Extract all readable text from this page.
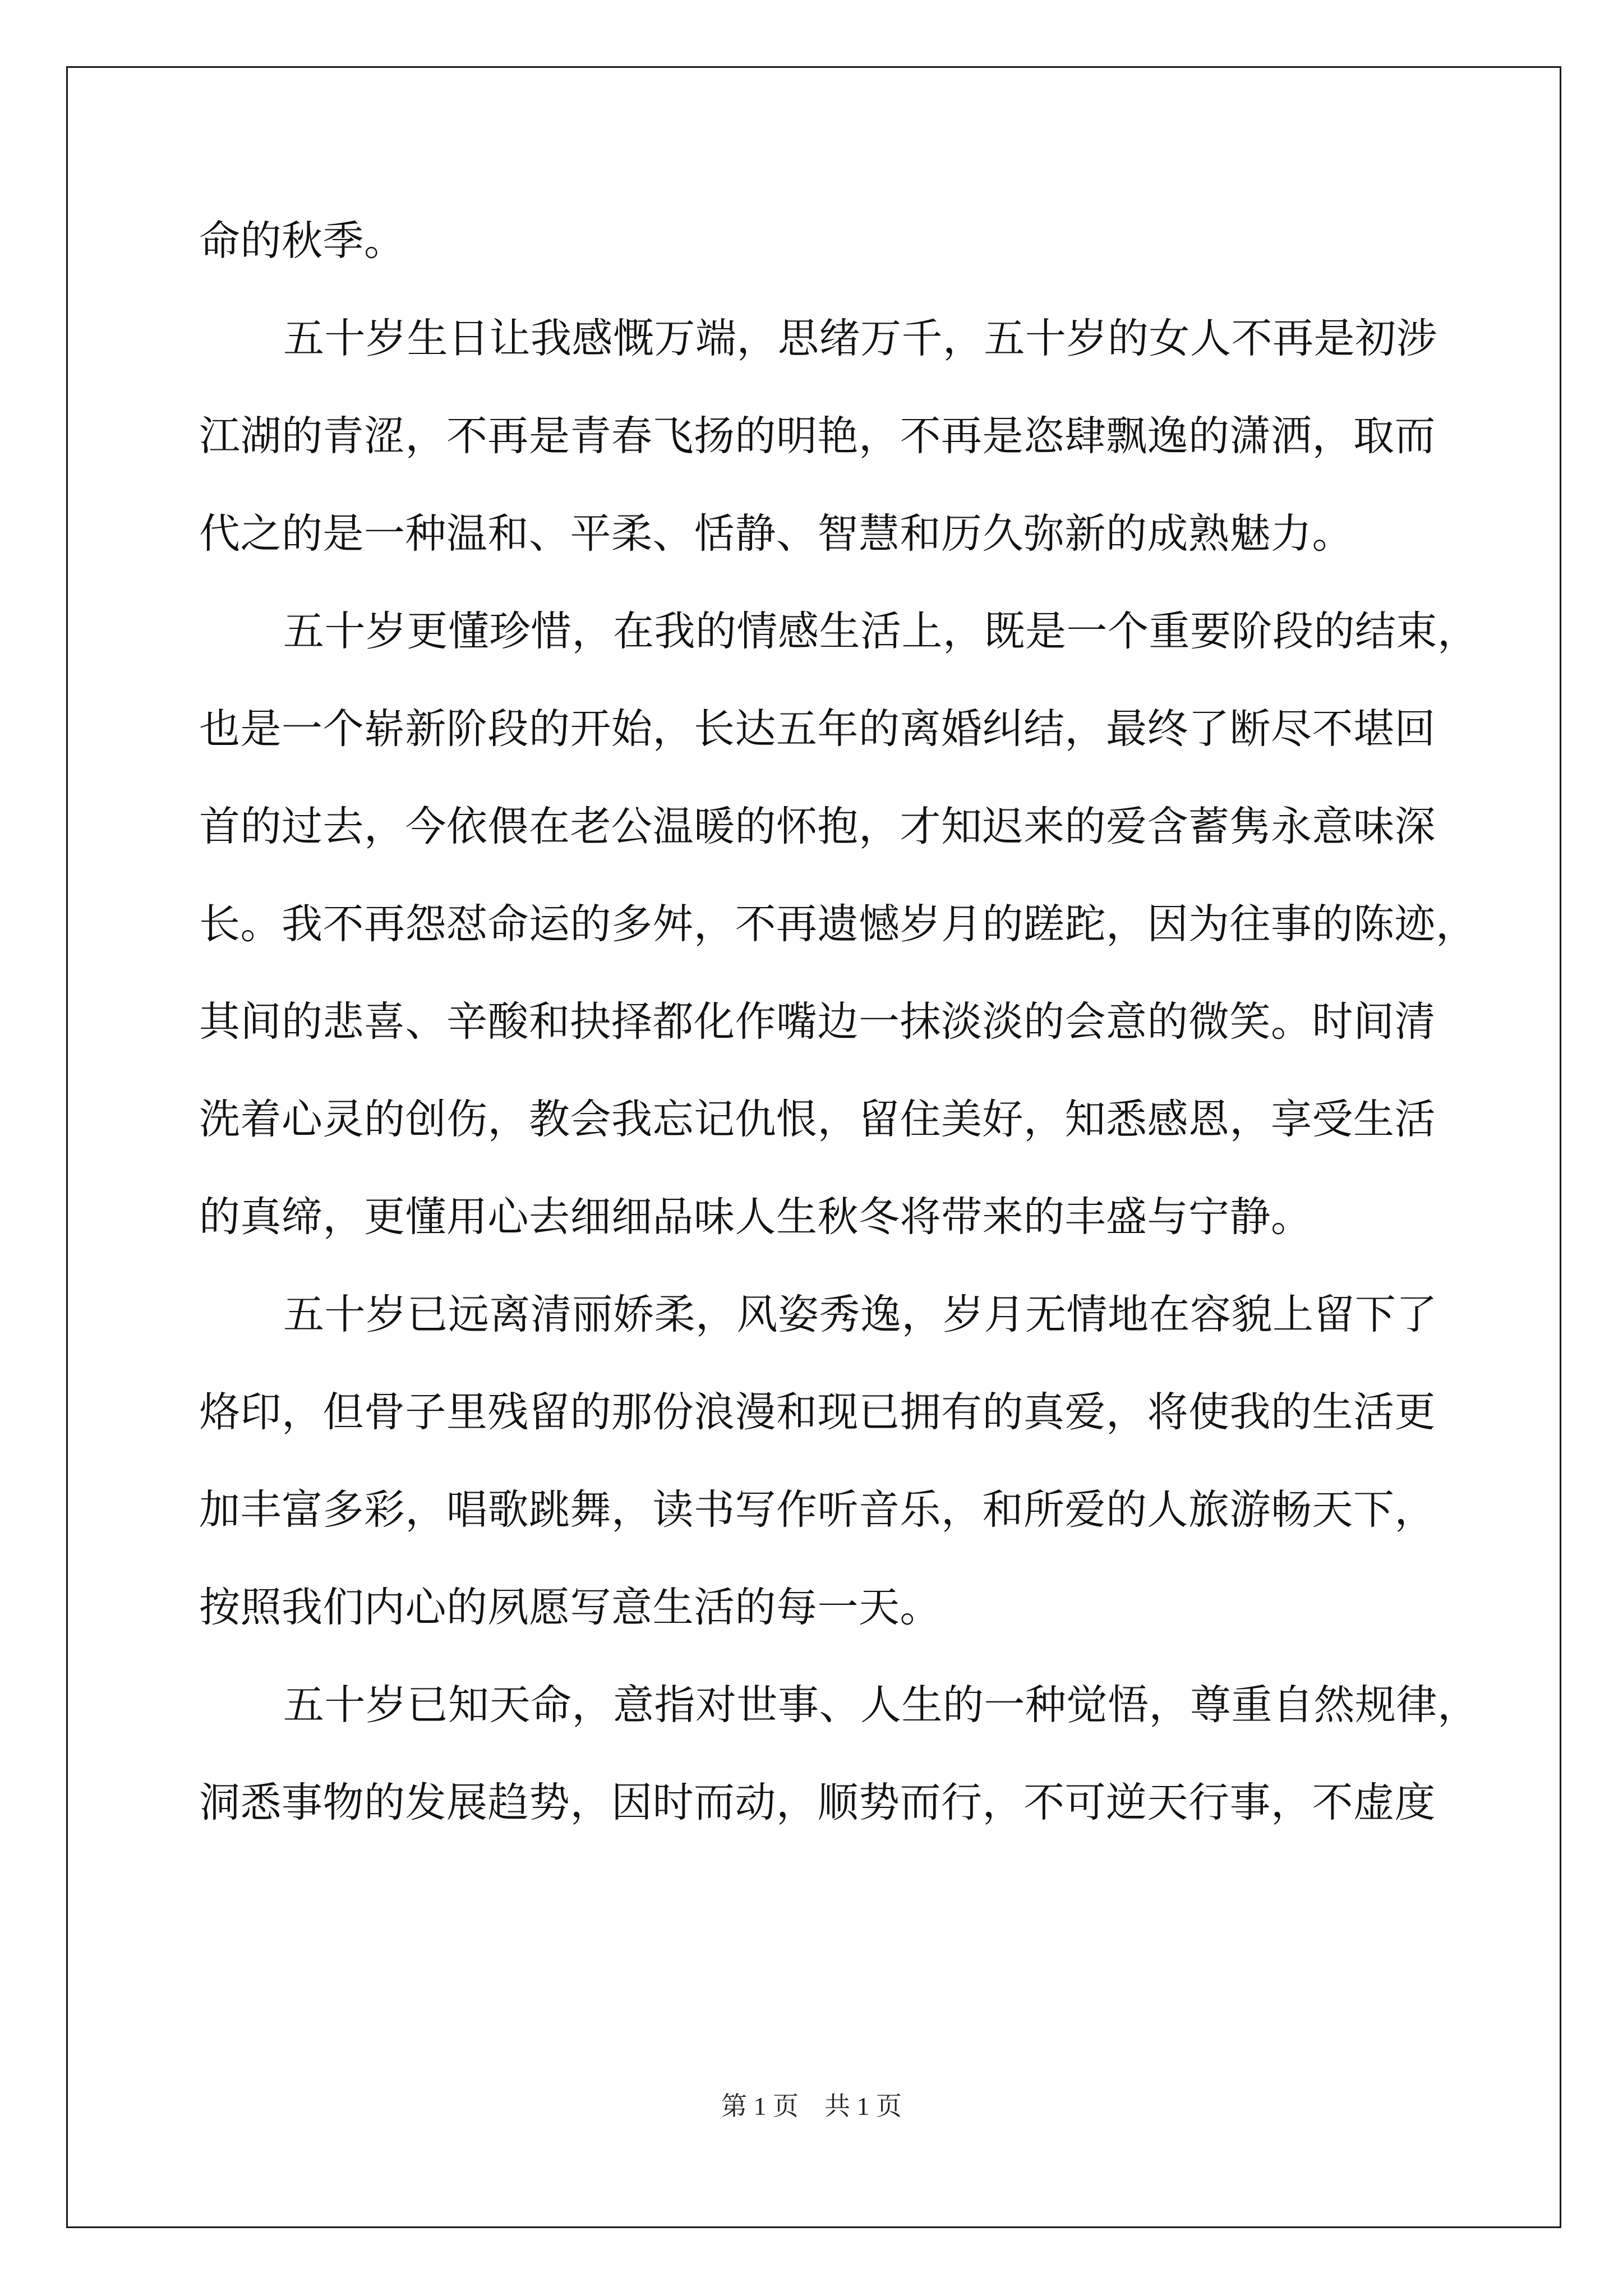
命的秋季。
五十岁生日让我感慨万端，思绪万千，五十岁的女人不再是初涉
江湖的青涩，不再是青春飞扬的明艳，不再是恣肆飘逸的潇洒，取而
代之的是一种温和、平柔、恬静、智慧和历久弥新的成熟魅力。
五十岁更懂珍惜，在我的情感生活上，既是一个重要阶段的结束，
也是一个崭新阶段的开始，长达五年的离婚纠结，最终了断尽不堪回
首的过去，今依偎在老公温暖的怀抱，才知迟来的爱含蓄隽永意味深
长。我不再怨怼命运的多舛，不再遗憾岁月的蹉跎，因为往事的陈迹，
其间的悲喜、辛酸和抉择都化作嘴边一抹淡淡的会意的微笑。时间清
洗着心灵的创伤，教会我忘记仇恨，留住美好，知悉感恩，享受生活
的真缔，更懂用心去细细品味人生秋冬将带来的丰盛与宁静。
五十岁已远离清丽娇柔，风姿秀逸，岁月无情地在容貌上留下了
烙印，但骨子里残留的那份浪漫和现已拥有的真爱，将使我的生活更
加丰富多彩，唱歌跳舞，读书写作听音乐，和所爱的人旅游畅天下，
按照我们内心的夙愿写意生活的每一天。
五十岁已知天命，意指对世事、人生的一种觉悟，尊重自然规律，
洞悉事物的发展趋势，因时而动，顺势而行，不可逆天行事，不虚度
第 1 页    共 1 页
